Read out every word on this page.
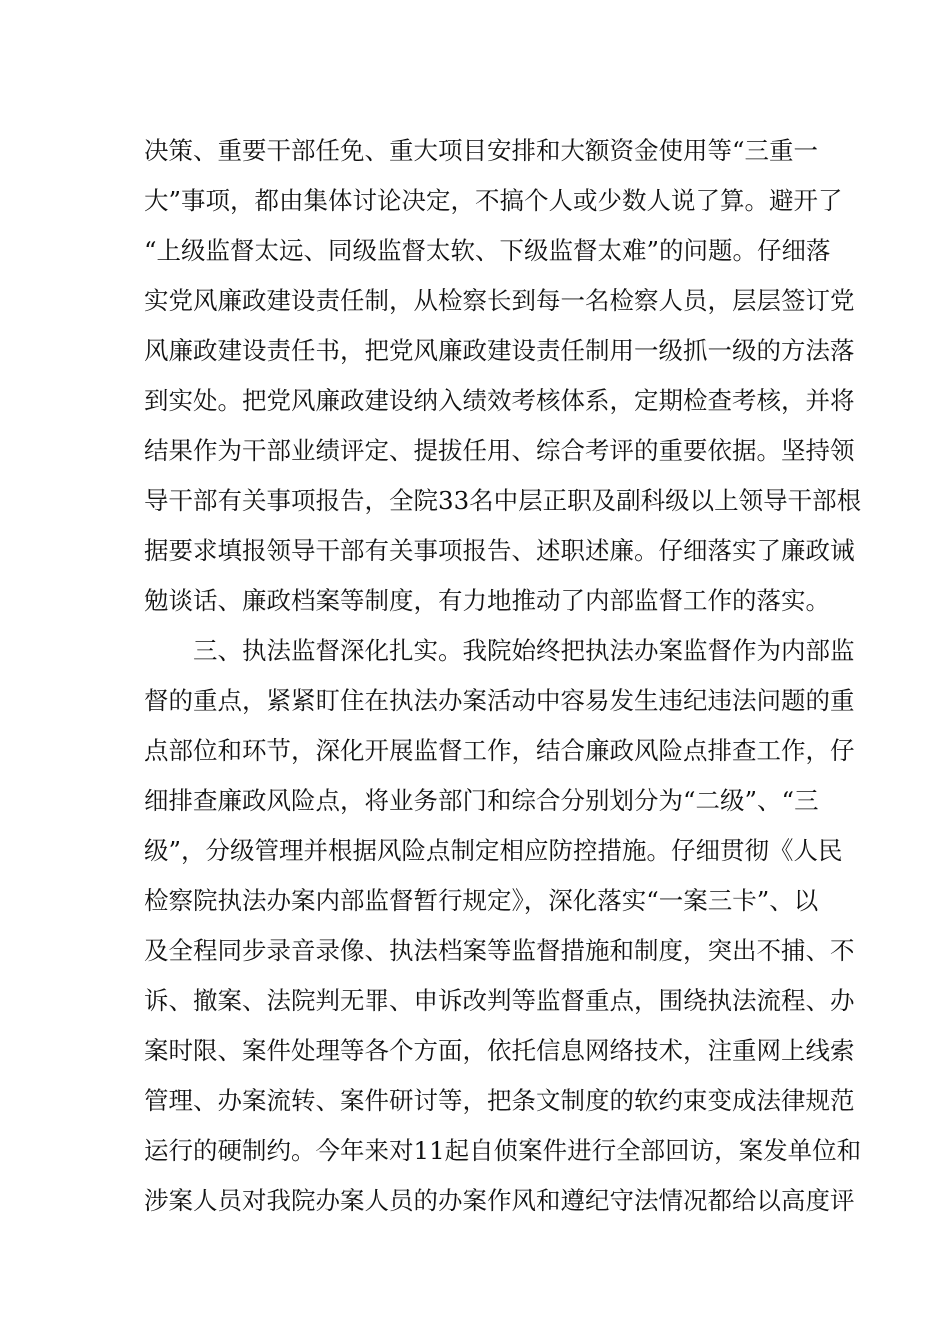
决策、重要干部任免、重大项目安排和大额资金使用等“三重一
大”事项，都由集体讨论决定，不搞个人或少数人说了算。避开了
“上级监督太远、同级监督太软、下级监督太难”的问题。仔细落
实党风廉政建设责任制，从检察长到每一名检察人员，层层签订党
风廉政建设责任书，把党风廉政建设责任制用一级抓一级的方法落
到实处。把党风廉政建设纳入绩效考核体系，定期检查考核，并将
结果作为干部业绩评定、提拔任用、综合考评的重要依据。坚持领
导干部有关事项报告，全院33名中层正职及副科级以上领导干部根
据要求填报领导干部有关事项报告、述职述廉。仔细落实了廉政诫
勉谈话、廉政档案等制度，有力地推动了内部监督工作的落实。
三、执法监督深化扎实。我院始终把执法办案监督作为内部监
督的重点，紧紧盯住在执法办案活动中容易发生违纪违法问题的重
点部位和环节，深化开展监督工作，结合廉政风险点排查工作，仔
细排查廉政风险点，将业务部门和综合分别划分为“二级”、“三
级”，分级管理并根据风险点制定相应防控措施。仔细贯彻《人民
检察院执法办案内部监督暂行规定》，深化落实“一案三卡”、以
及全程同步录音录像、执法档案等监督措施和制度，突出不捕、不
诉、撤案、法院判无罪、申诉改判等监督重点，围绕执法流程、办
案时限、案件处理等各个方面，依托信息网络技术，注重网上线索
管理、办案流转、案件研讨等，把条文制度的软约束变成法律规范
运行的硬制约。今年来对11起自侦案件进行全部回访，案发单位和
涉案人员对我院办案人员的办案作风和遵纪守法情况都给以高度评
